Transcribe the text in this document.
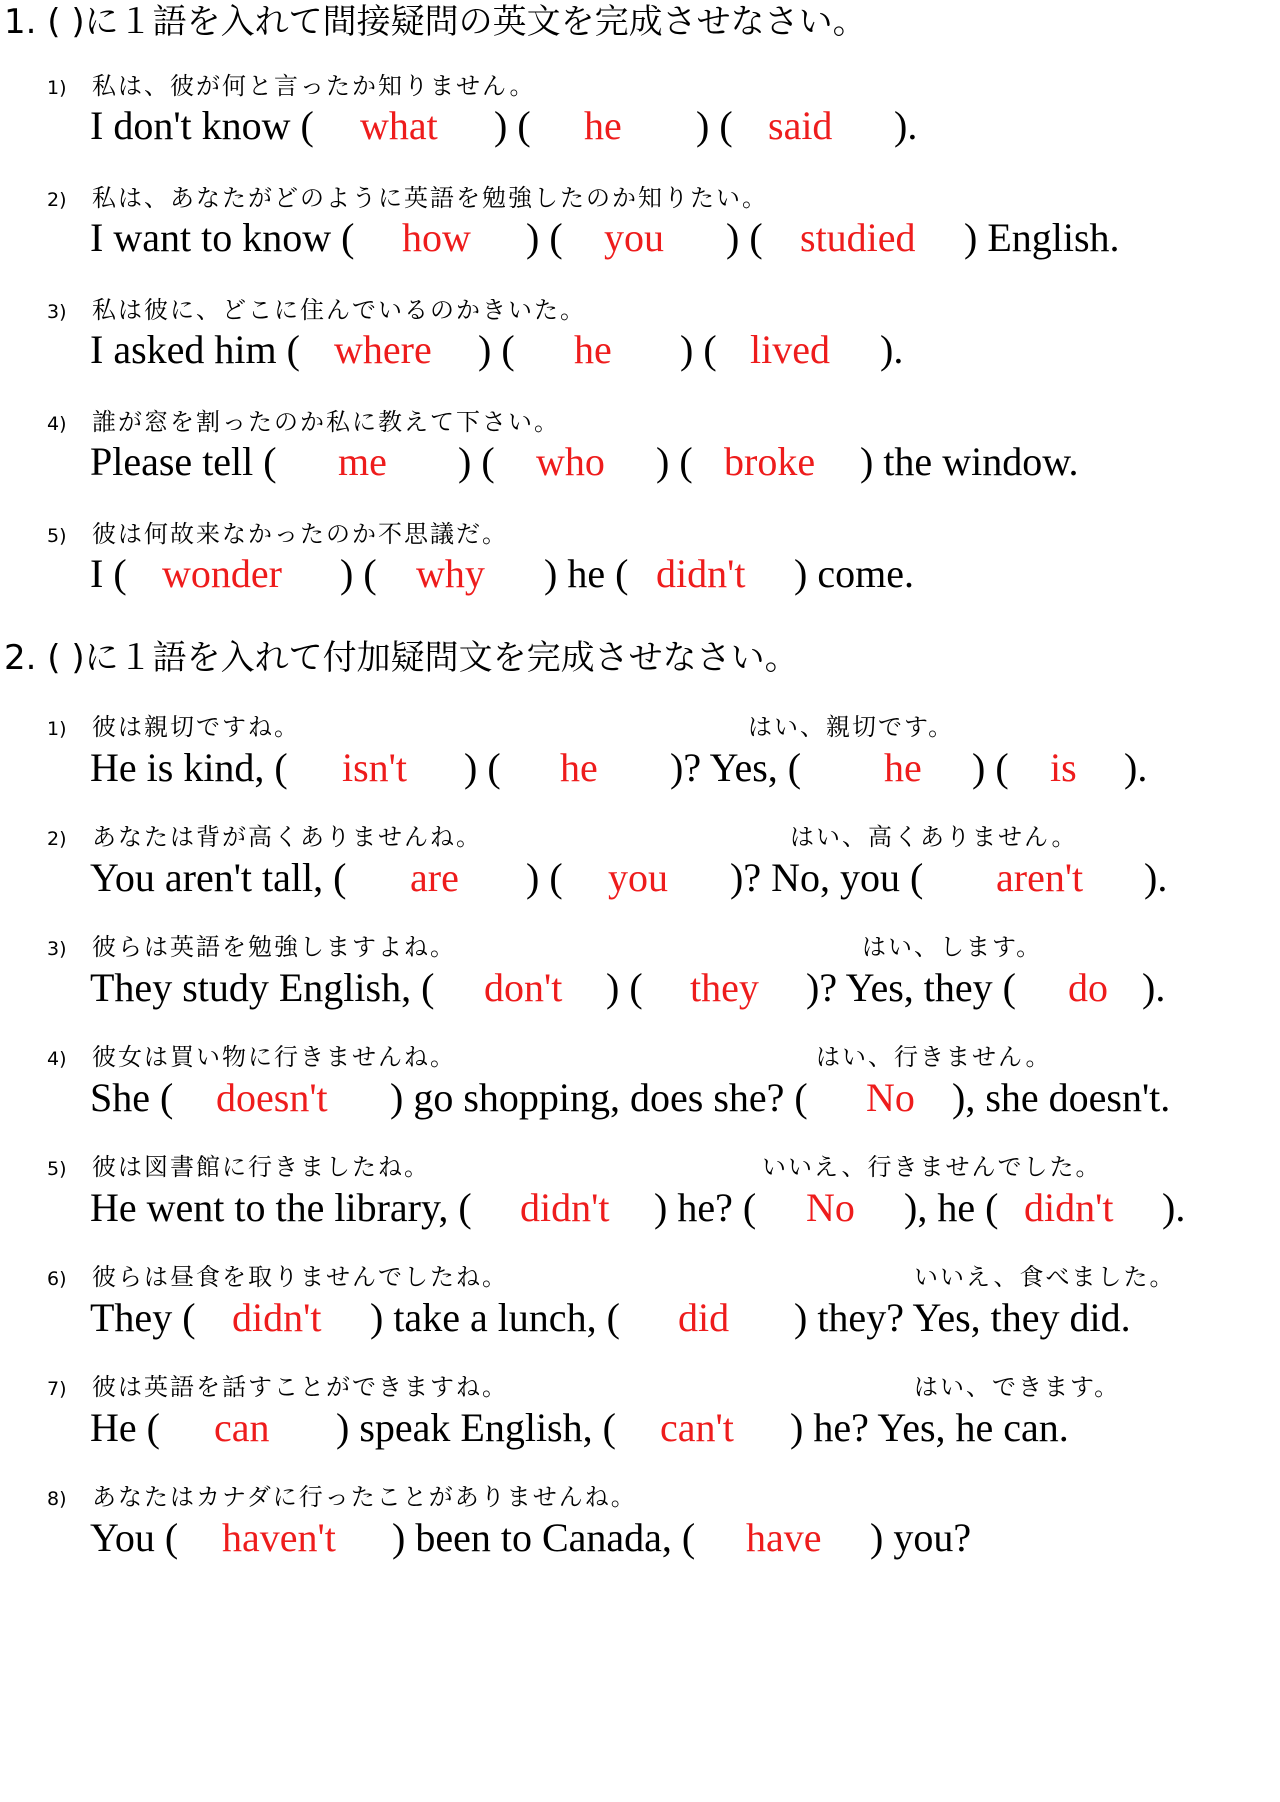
1. ( )に１語を入れて間接疑問の英文を完成させなさい。
1) 私は、彼が何と言ったか知りません。

I don't know (

what

) (

he

) (

said

).

2) 私は、あなたがどのように英語を勉強したのか知りたい。

I want to know (

how

) (

you

) (

studied

) English.

3) 私は彼に、どこに住んでいるのかきいた。

I asked him (

where

) (

he

) (

lived

).

4) 誰が窓を割ったのか私に教えて下さい。

Please tell (

me

) (

who

) (

broke

) the window.

5) 彼は何故来なかったのか不思議だ。

I (

wonder

) (

why

) he (

didn't

) come.

2. ( )に１語を入れて付加疑問文を完成させなさい。
1) 彼は親切ですね。	はい、親切です。

He is kind, (

isn't

) (

he

)? Yes, (

he

) (

is

).

2) あなたは背が高くありませんね。	はい、高くありません。

You aren't tall, (

are

) (

you

)? No, you (

aren't

).

3) 彼らは英語を勉強しますよね。	はい、します。

They study English, (

don't

) (

they

)? Yes, they (

do

).

4) 彼女は買い物に行きませんね。	はい、行きません。

She (

doesn't

) go shopping, does she? (

No

), she doesn't.

5) 彼は図書館に行きましたね。	いいえ、行きませんでした。

He went to the library, (

didn't

) he? (

No

), he (

didn't

).

6) 彼らは昼食を取りませんでしたね。	いいえ、食べました。

They (

didn't

) take a lunch, (

did

) they? Yes, they did.

7) 彼は英語を話すことができますね。	はい、できます。

He (

can

) speak English, (

can't

) he? Yes, he can.

8) あなたはカナダに行ったことがありませんね。

You (

haven't

) been to Canada, (

have

) you?
